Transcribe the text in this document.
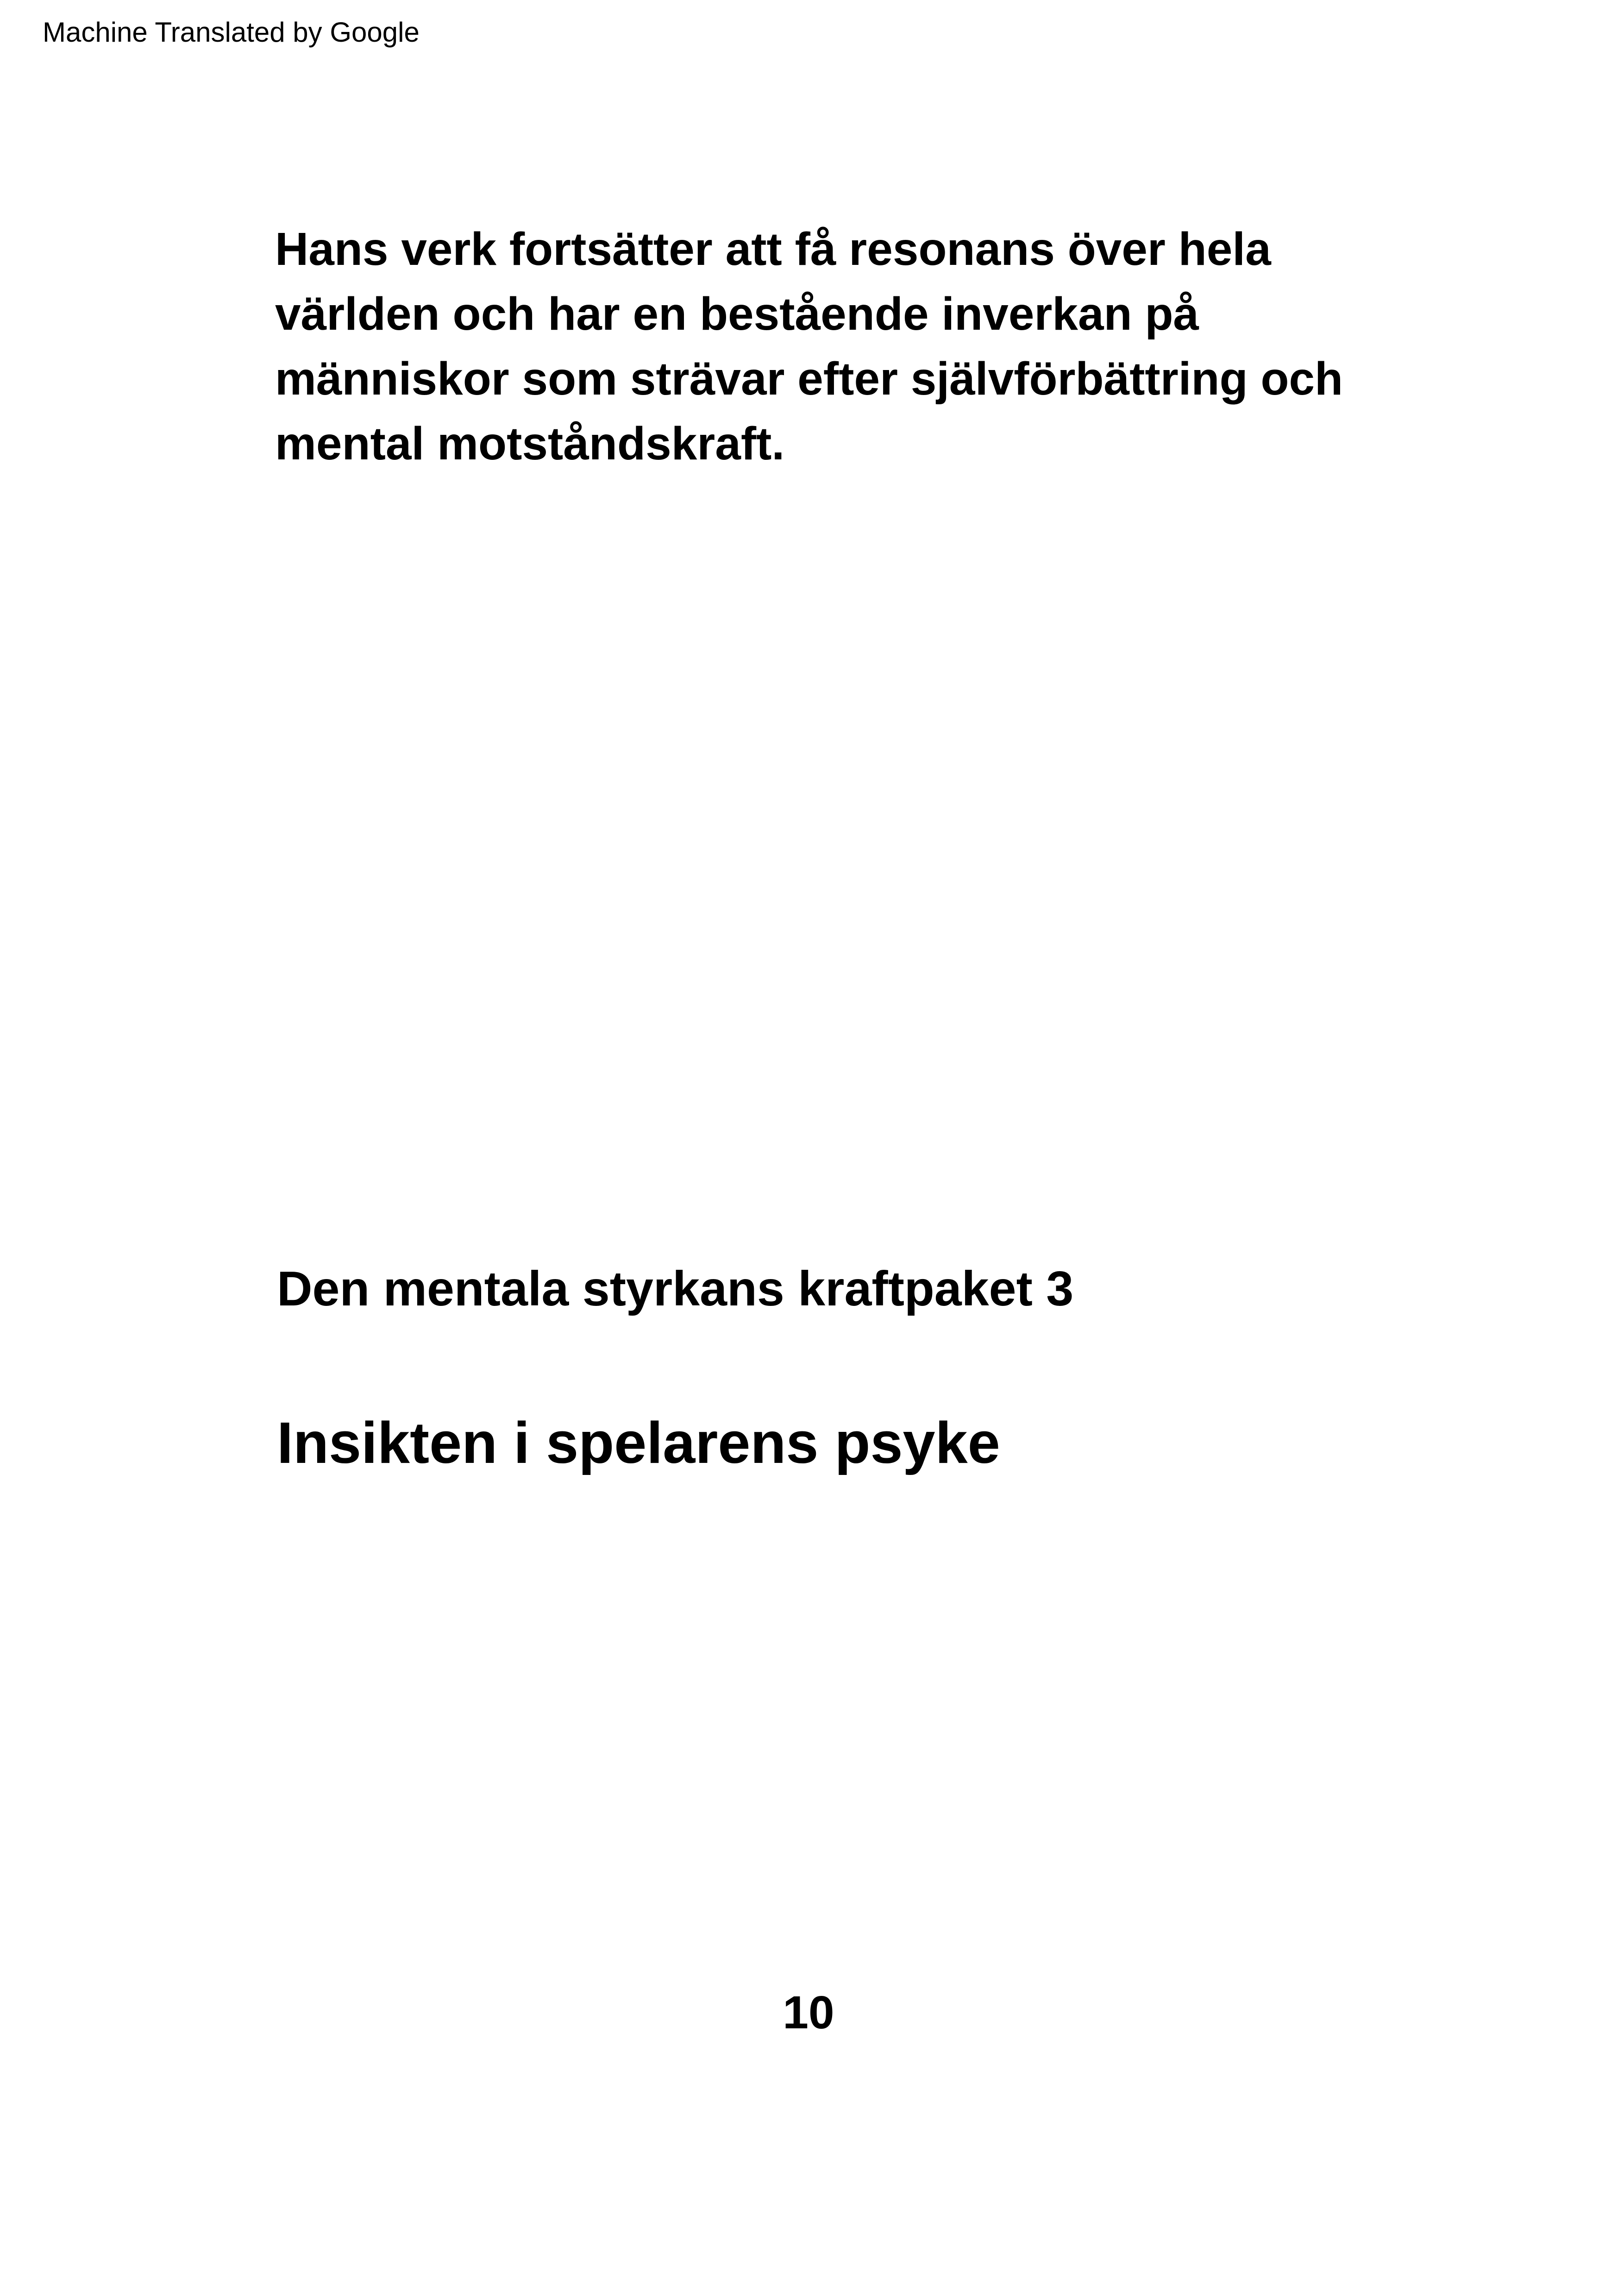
Machine Translated by Google

Hans verk fortsätter att få resonans över hela
världen och har en bestående inverkan på
människor som strävar efter självförbättring och
mental motståndskraft.

Den mentala styrkans kraftpaket 3
Insikten i spelarens psyke
10
